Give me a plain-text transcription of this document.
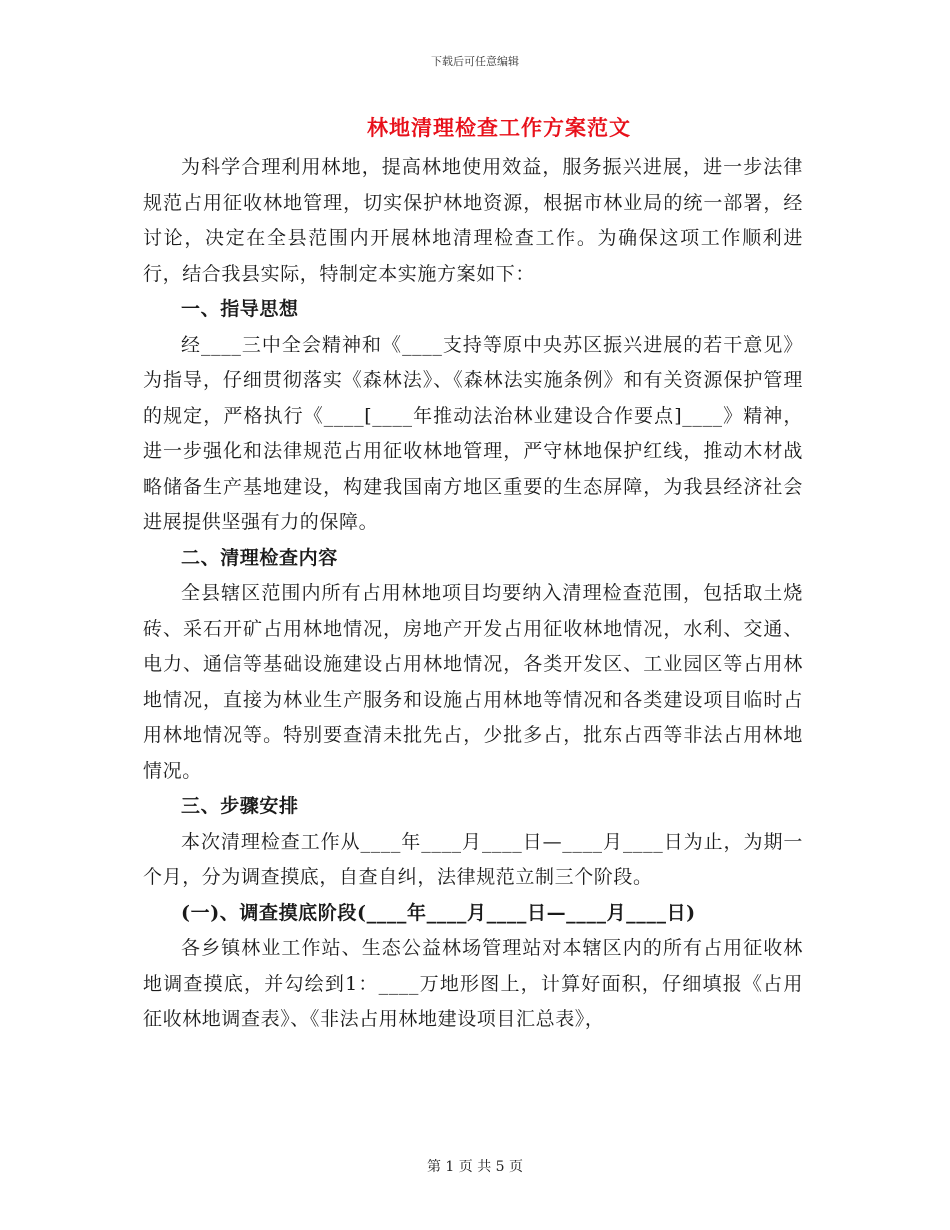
下载后可任意编辑
林地清理检查工作方案范文

为科学合理利用林地，提高林地使用效益，服务振兴进展，进一步法律规范占用征收林地管理，切实保护林地资源，根据市林业局的统一部署，经讨论，决定在全县范围内开展林地清理检查工作。为确保这项工作顺利进行，结合我县实际，特制定本实施方案如下：

一、指导思想

经____三中全会精神和《____支持等原中央苏区振兴进展的若干意见》为指导，仔细贯彻落实《森林法》、《森林法实施条例》和有关资源保护管理的规定，严格执行《____[____年推动法治林业建设合作要点]____》精神，进一步强化和法律规范占用征收林地管理，严守林地保护红线，推动木材战略储备生产基地建设，构建我国南方地区重要的生态屏障，为我县经济社会进展提供坚强有力的保障。

二、清理检查内容

全县辖区范围内所有占用林地项目均要纳入清理检查范围，包括取土烧砖、采石开矿占用林地情况，房地产开发占用征收林地情况，水利、交通、电力、通信等基础设施建设占用林地情况，各类开发区、工业园区等占用林地情况，直接为林业生产服务和设施占用林地等情况和各类建设项目临时占用林地情况等。特别要查清未批先占，少批多占，批东占西等非法占用林地情况。

三、步骤安排

本次清理检查工作从____年____月____日—____月____日为止，为期一个月，分为调查摸底，自查自纠，法律规范立制三个阶段。

(一)、调查摸底阶段(____年____月____日—____月____日)

各乡镇林业工作站、生态公益林场管理站对本辖区内的所有占用征收林地调查摸底，并勾绘到1：____万地形图上，计算好面积，仔细填报《占用征收林地调查表》、《非法占用林地建设项目汇总表》，

第 1 页 共 5 页
